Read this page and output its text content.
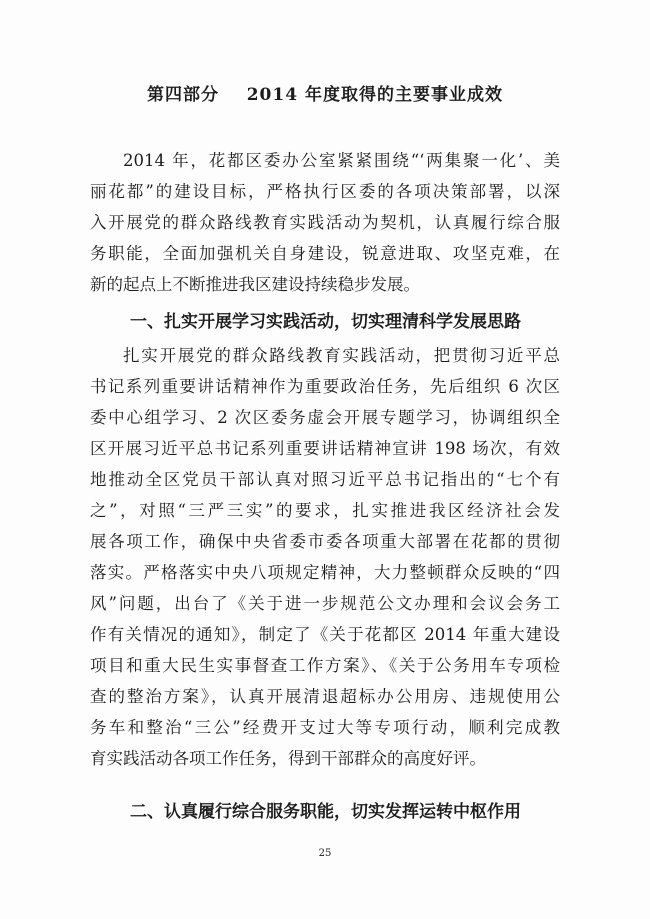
第四部分    2014 年度取得的主要事业成效
2014 年，花都区委办公室紧紧围绕“‘两集聚一化’、美
丽花都”的建设目标，严格执行区委的各项决策部署，以深
入开展党的群众路线教育实践活动为契机，认真履行综合服
务职能，全面加强机关自身建设，锐意进取、攻坚克难，在
新的起点上不断推进我区建设持续稳步发展。
一、扎实开展学习实践活动，切实理清科学发展思路
扎实开展党的群众路线教育实践活动，把贯彻习近平总
书记系列重要讲话精神作为重要政治任务，先后组织 6 次区
委中心组学习、2 次区委务虚会开展专题学习，协调组织全
区开展习近平总书记系列重要讲话精神宣讲 198 场次，有效
地推动全区党员干部认真对照习近平总书记指出的“七个有
之”，对照“三严三实”的要求，扎实推进我区经济社会发
展各项工作，确保中央省委市委各项重大部署在花都的贯彻
落实。严格落实中央八项规定精神，大力整顿群众反映的“四
风”问题，出台了《关于进一步规范公文办理和会议会务工
作有关情况的通知》，制定了《关于花都区 2014 年重大建设
项目和重大民生实事督查工作方案》、《关于公务用车专项检
查的整治方案》，认真开展清退超标办公用房、违规使用公
务车和整治“三公”经费开支过大等专项行动，顺利完成教
育实践活动各项工作任务，得到干部群众的高度好评。
二、认真履行综合服务职能，切实发挥运转中枢作用
25
